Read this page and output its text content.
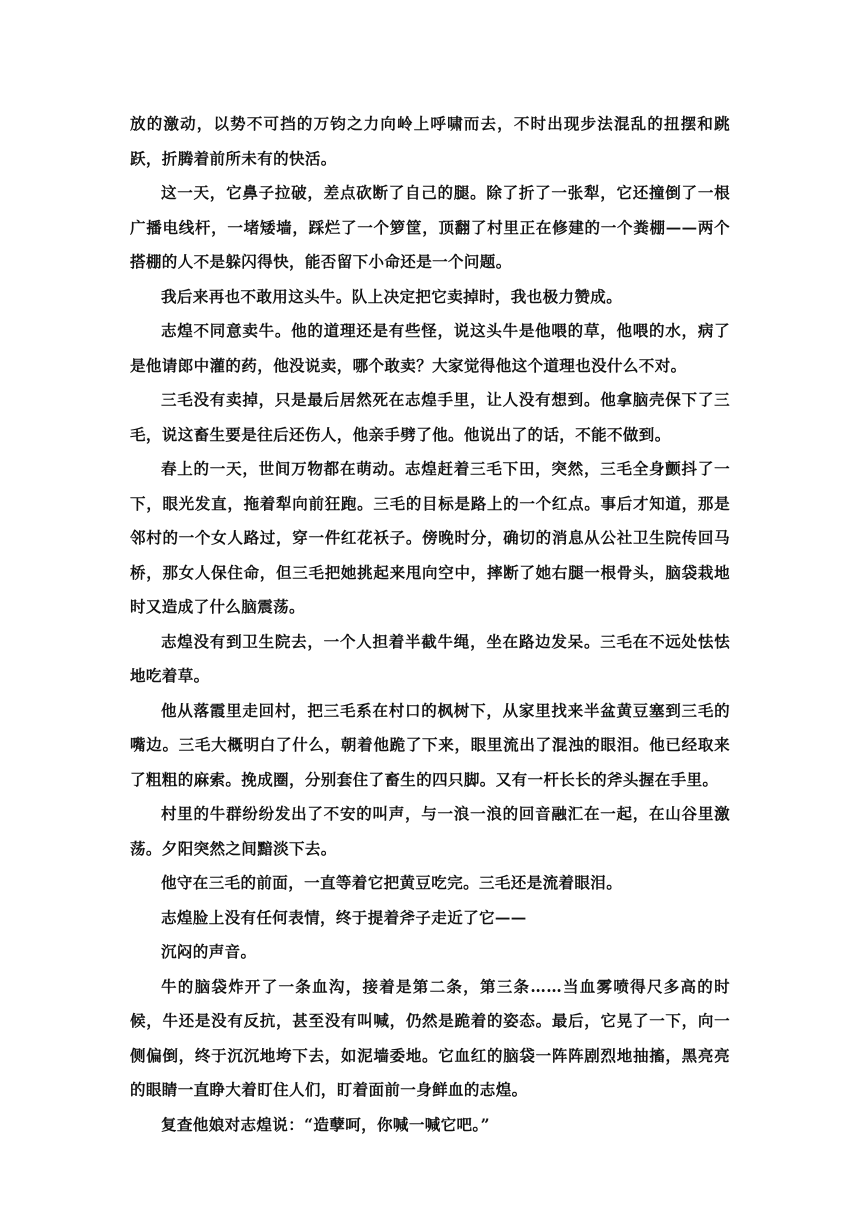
放的激动，以势不可挡的万钧之力向岭上呼啸而去，不时出现步法混乱的扭摆和跳跃，折腾着前所未有的快活。

这一天，它鼻子拉破，差点砍断了自己的腿。除了折了一张犁，它还撞倒了一根广播电线杆，一堵矮墙，踩烂了一个箩筐，顶翻了村里正在修建的一个粪棚——两个搭棚的人不是躲闪得快，能否留下小命还是一个问题。

我后来再也不敢用这头牛。队上决定把它卖掉时，我也极力赞成。

志煌不同意卖牛。他的道理还是有些怪，说这头牛是他喂的草，他喂的水，病了是他请郎中灌的药，他没说卖，哪个敢卖？大家觉得他这个道理也没什么不对。

三毛没有卖掉，只是最后居然死在志煌手里，让人没有想到。他拿脑壳保下了三毛，说这畜生要是往后还伤人，他亲手劈了他。他说出了的话，不能不做到。

春上的一天，世间万物都在萌动。志煌赶着三毛下田，突然，三毛全身颤抖了一下，眼光发直，拖着犁向前狂跑。三毛的目标是路上的一个红点。事后才知道，那是邻村的一个女人路过，穿一件红花袄子。傍晚时分，确切的消息从公社卫生院传回马桥，那女人保住命，但三毛把她挑起来甩向空中，摔断了她右腿一根骨头，脑袋栽地时又造成了什么脑震荡。

志煌没有到卫生院去，一个人担着半截牛绳，坐在路边发呆。三毛在不远处怯怯地吃着草。

他从落霞里走回村，把三毛系在村口的枫树下，从家里找来半盆黄豆塞到三毛的嘴边。三毛大概明白了什么，朝着他跪了下来，眼里流出了混浊的眼泪。他已经取来了粗粗的麻索。挽成圈，分别套住了畜生的四只脚。又有一杆长长的斧头握在手里。

村里的牛群纷纷发出了不安的叫声，与一浪一浪的回音融汇在一起，在山谷里激荡。夕阳突然之间黯淡下去。

他守在三毛的前面，一直等着它把黄豆吃完。三毛还是流着眼泪。

志煌脸上没有任何表情，终于提着斧子走近了它——

沉闷的声音。

牛的脑袋炸开了一条血沟，接着是第二条，第三条……当血雾喷得尺多高的时候，牛还是没有反抗，甚至没有叫喊，仍然是跪着的姿态。最后，它晃了一下，向一侧偏倒，终于沉沉地垮下去，如泥墙委地。它血红的脑袋一阵阵剧烈地抽搐，黑亮亮的眼睛一直睁大着盯住人们，盯着面前一身鲜血的志煌。

复查他娘对志煌说：“造孽呵，你喊一喊它吧。”
